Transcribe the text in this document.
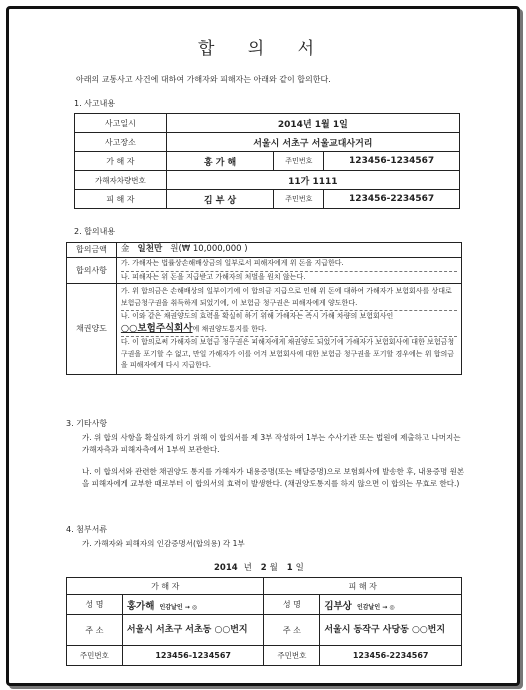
합 의 서
아래의 교통사고 사건에 대하여 가해자와 피해자는 아래와 같이 합의한다.
1. 사고내용
사고일시	2014년 1월 1일		
사고장소	서울시 서초구 서울교대사거리		
가 해 자	홍 가 해	주민번호	123456-1234567
가해자차량번호	11가 1111		
피 해 자	김 부 상	주민번호	123456-2234567
2. 합의내용
합의금액	金 일천만 원(₩ 10,000,000 )
합의사항	가. 가해자는 법률상손해배상금의 일부로서 피해자에게 위 돈을 지급한다.
나. 피해자는 위 돈을 지급받고 가해자의 처벌을 원치 않는다.

채권양도	가. 위 합의금은 손해배상의 일부이기에 이 합의금 지급으로 인해 위 돈에 대하여 가해자가 보험회사를 상대로 보험금청구권을 취득하게 되었기에, 이 보험금 청구권은 피해자에게 양도한다.
나. 이와 같은 채권양도의 효력을 확실히 하기 위해 가해자는 즉시 가해 차량의 보험회사인
○○보험주식회사에 채권양도통지를 한다.
다. 이 합의로써 가해자의 보험금 청구권은 피해자에게 채권양도 되었기에 가해자가 보험회사에 대한 보험금청구권을 포기할 수 없고, 만일 가해자가 이를 어겨 보험회사에 대한 보험금 청구권을 포기할 경우에는 위 합의금을 피해자에게 다시 지급한다.
3. 기타사항
가. 위 합의 사항을 확실하게 하기 위해 이 합의서를 제 3부 작성하여 1부는 수사기관 또는 법원에 제출하고 나머지는 가해자측과 피해자측에서 1부씩 보관한다.
나. 이 합의서와 관련한 채권양도 통지를 가해자가 내용증명(또는 배달증명)으로 보험회사에 발송한 후, 내용증명 원본을 피해자에게 교부한 때로부터 이 합의서의 효력이 발생한다. (채권양도통지를 하지 않으면 이 합의는 무효로 한다.)
4. 첨부서류
가. 가해자와 피해자의 인감증명서(합의용) 각 1부
2014 년 2 월 1 일
가 해 자		피 해 자	
성 명	홍가해 인감날인 → ◎	성 명	김부상 인감날인 → ◎
주 소	서울시 서초구 서초동 ○○번지	주 소	서울시 동작구 사당동 ○○번지
주민번호	123456-1234567	주민번호	123456-2234567
